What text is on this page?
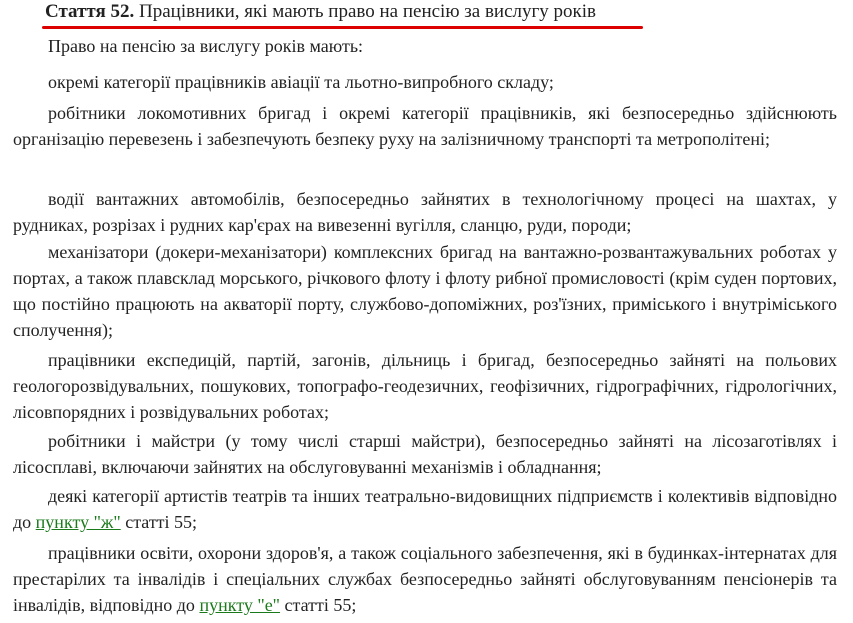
Стаття 52. Працівники, які мають право на пенсію за вислугу років

Право на пенсію за вислугу років мають:

окремі категорії працівників авіації та льотно-випробного складу;

робітники локомотивних бригад і окремі категорії працівників, які безпосередньо здійснюють організацію перевезень і забезпечують безпеку руху на залізничному транспорті та метрополітені;

водії вантажних автомобілів, безпосередньо зайнятих в технологічному процесі на шахтах, у рудниках, розрізах і рудних кар'єрах на вивезенні вугілля, сланцю, руди, породи;

механізатори (докери-механізатори) комплексних бригад на вантажно-розвантажувальних роботах у портах, а також плавсклад морського, річкового флоту і флоту рибної промисловості (крім суден портових, що постійно працюють на акваторії порту, службово-допоміжних, роз'їзних, приміського і внутріміського сполучення);

працівники експедицій, партій, загонів, дільниць і бригад, безпосередньо зайняті на польових геологорозвідувальних, пошукових, топографо-геодезичних, геофізичних, гідрографічних, гідрологічних, лісовпорядних і розвідувальних роботах;

робітники і майстри (у тому числі старші майстри), безпосередньо зайняті на лісозаготівлях і лісосплаві, включаючи зайнятих на обслуговуванні механізмів і обладнання;

деякі категорії артистів театрів та інших театрально-видовищних підприємств і колективів відповідно до пункту "ж" статті 55;

працівники освіти, охорони здоров'я, а також соціального забезпечення, які в будинках-інтернатах для престарілих та інвалідів і спеціальних службах безпосередньо зайняті обслуговуванням пенсіонерів та інвалідів, відповідно до пункту "е" статті 55;
